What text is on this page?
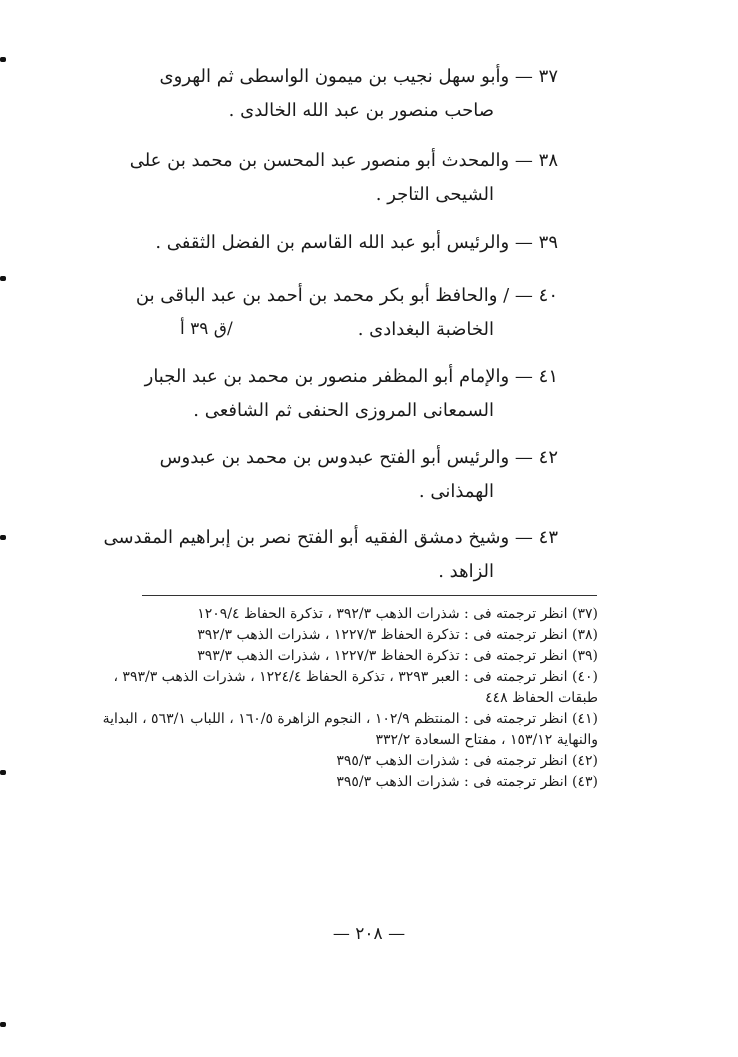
٣٧ — وأبو سهل نجيب بن ميمون الواسطى ثم الهروى
صاحب منصور بن عبد الله الخالدى .
٣٨ — والمحدث أبو منصور عبد المحسن بن محمد بن على
الشيحى التاجر .
٣٩ — والرئيس أبو عبد الله القاسم بن الفضل الثقفى .
٤٠ — / والحافظ أبو بكر محمد بن أحمد بن عبد الباقى بن
الخاضبة البغدادى .
/ق ٣٩ أ
٤١ — والإمام أبو المظفر منصور بن محمد بن عبد الجبار
السمعانى المروزى الحنفى ثم الشافعى .
٤٢ — والرئيس أبو الفتح عبدوس بن محمد بن عبدوس
الهمذانى .
٤٣ — وشيخ دمشق الفقيه أبو الفتح نصر بن إبراهيم المقدسى
الزاهد .
(٣٧) انظر ترجمته فى : شذرات الذهب ٣٩٢/٣ ، تذكرة الحفاظ ١٢٠٩/٤
(٣٨) انظر ترجمته فى : تذكرة الحفاظ ١٢٢٧/٣ ، شذرات الذهب ٣٩٢/٣
(٣٩) انظر ترجمته فى : تذكرة الحفاظ ١٢٢٧/٣ ، شذرات الذهب ٣٩٣/٣
(٤٠) انظر ترجمته فى : العبر ٣٢٩٣ ، تذكرة الحفاظ ١٢٢٤/٤ ، شذرات الذهب ٣٩٣/٣ ، طبقات الحفاظ ٤٤٨
(٤١) انظر ترجمته فى : المنتظم ١٠٢/٩ ، النجوم الزاهرة ١٦٠/٥ ، اللباب ٥٦٣/١ ، البداية والنهاية ١٥٣/١٢ ، مفتاح السعادة ٣٣٢/٢
(٤٢) انظر ترجمته فى : شذرات الذهب ٣٩٥/٣
(٤٣) انظر ترجمته فى : شذرات الذهب ٣٩٥/٣
— ٢٠٨ —
